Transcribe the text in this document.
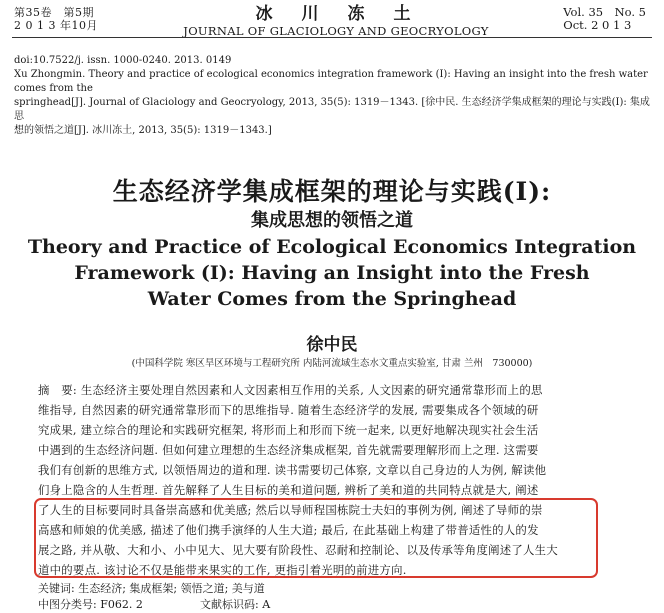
第35卷　第5期
2 0 1 3 年10月
冰　川　冻　土
JOURNAL OF GLACIOLOGY AND GEOCRYOLOGY
Vol. 35　No. 5
Oct. 2 0 1 3
doi:10.7522/j. issn. 1000-0240. 2013. 0149
Xu Zhongmin. Theory and practice of ecological economics integration framework (I): Having an insight into the fresh water comes from the
springhead[J]. Journal of Glaciology and Geocryology, 2013, 35(5): 1319－1343. [徐中民. 生态经济学集成框架的理论与实践(I): 集成思
想的领悟之道[J]. 冰川冻土, 2013, 35(5): 1319－1343.]
生态经济学集成框架的理论与实践(I):
集成思想的领悟之道
Theory and Practice of Ecological Economics Integration
Framework (I): Having an Insight into the Fresh
Water Comes from the Springhead
徐中民
(中国科学院 寒区旱区环境与工程研究所 内陆河流域生态水文重点实验室, 甘肃 兰州　730000)
摘　要: 生态经济主要处理自然因素和人文因素相互作用的关系, 人文因素的研究通常靠形而上的思
维指导, 自然因素的研究通常靠形而下的思维指导. 随着生态经济学的发展, 需要集成各个领域的研
究成果, 建立综合的理论和实践研究框架, 将形而上和形而下统一起来, 以更好地解决现实社会生活
中遇到的生态经济问题. 但如何建立理想的生态经济集成框架, 首先就需要理解形而上之理. 这需要
我们有创新的思维方式, 以领悟周边的道和理. 读书需要切己体察, 文章以自己身边的人为例, 解读他
们身上隐含的人生哲理. 首先解释了人生目标的美和道问题, 辨析了美和道的共同特点就是大, 阐述
了人生的目标要同时具备崇高感和优美感; 然后以导师程国栋院士夫妇的事例为例, 阐述了导师的崇
高感和师娘的优美感, 描述了他们携手演绎的人生大道; 最后, 在此基础上构建了带普适性的人的发
展之路, 并从敬、大和小、小中见大、见大要有阶段性、忍耐和控制论、以及传承等角度阐述了人生大
道中的要点. 该讨论不仅是能带来果实的工作, 更指引着光明的前进方向.
关键词: 生态经济; 集成框架; 领悟之道; 美与道
中图分类号: F062. 2	文献标识码: A
